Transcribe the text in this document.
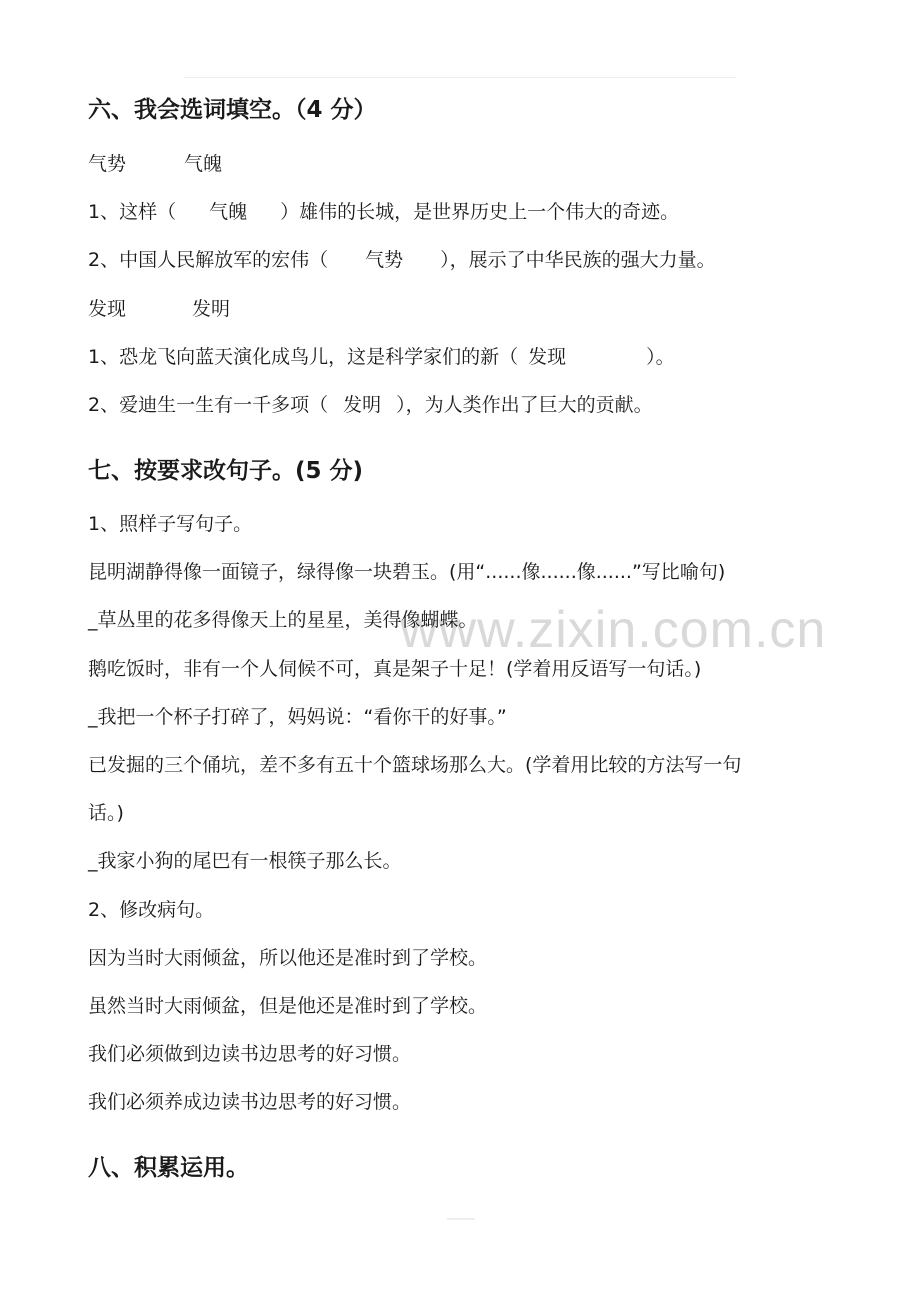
www.zixin.com.cn
六、我会选词填空。（4 分）
气势	气魄
1、这样（ 气魄 ）雄伟的长城，是世界历史上一个伟大的奇迹。
2、中国人民解放军的宏伟（ 气势 ），展示了中华民族的强大力量。
发现	发明
1、恐龙飞向蓝天演化成鸟儿，这是科学家们的新（ 发现	）。
2、爱迪生一生有一千多项（ 发明 ），为人类作出了巨大的贡献。
七、按要求改句子。(5 分)
1、照样子写句子。
昆明湖静得像一面镜子，绿得像一块碧玉。(用“......像......像......”写比喻句)
_草丛里的花多得像天上的星星，美得像蝴蝶。
鹅吃饭时，非有一个人伺候不可，真是架子十足！(学着用反语写一句话。)
_我把一个杯子打碎了，妈妈说：“看你干的好事。”
已发掘的三个俑坑，差不多有五十个篮球场那么大。(学着用比较的方法写一句
话。)
_我家小狗的尾巴有一根筷子那么长。
2、修改病句。
因为当时大雨倾盆，所以他还是准时到了学校。
虽然当时大雨倾盆，但是他还是准时到了学校。
我们必须做到边读书边思考的好习惯。
我们必须养成边读书边思考的好习惯。
八、积累运用。
